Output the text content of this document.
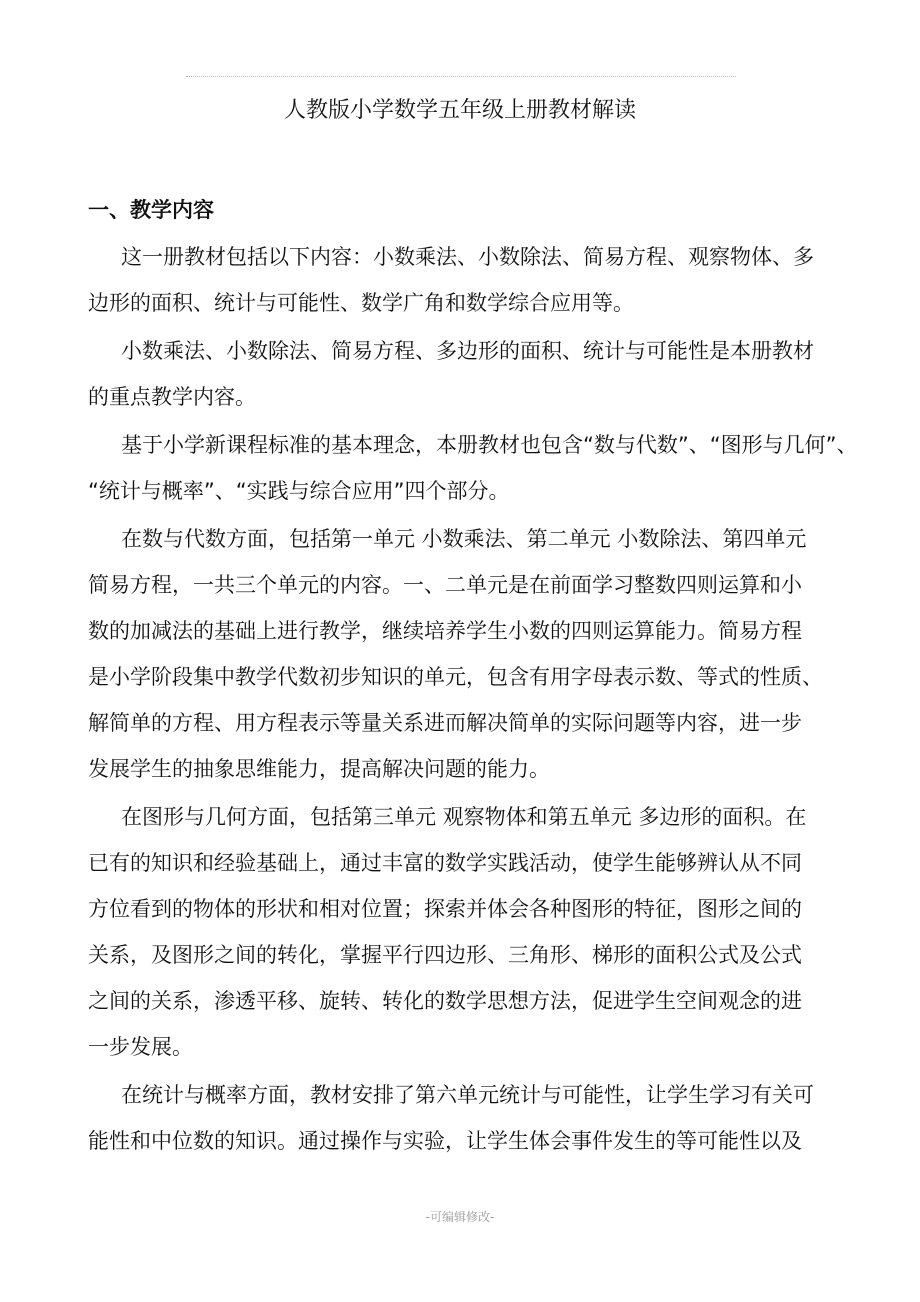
人教版小学数学五年级上册教材解读
一、教学内容
这一册教材包括以下内容：小数乘法、小数除法、简易方程、观察物体、多
边形的面积、统计与可能性、数学广角和数学综合应用等。
小数乘法、小数除法、简易方程、多边形的面积、统计与可能性是本册教材
的重点教学内容。
基于小学新课程标准的基本理念，本册教材也包含“数与代数”、“图形与几何”、
“统计与概率”、“实践与综合应用”四个部分。
在数与代数方面，包括第一单元 小数乘法、第二单元 小数除法、第四单元
简易方程，一共三个单元的内容。一、二单元是在前面学习整数四则运算和小
数的加减法的基础上进行教学，继续培养学生小数的四则运算能力。简易方程
是小学阶段集中教学代数初步知识的单元，包含有用字母表示数、等式的性质、
解简单的方程、用方程表示等量关系进而解决简单的实际问题等内容，进一步
发展学生的抽象思维能力，提高解决问题的能力。
在图形与几何方面，包括第三单元 观察物体和第五单元 多边形的面积。在
已有的知识和经验基础上，通过丰富的数学实践活动，使学生能够辨认从不同
方位看到的物体的形状和相对位置；探索并体会各种图形的特征，图形之间的
关系，及图形之间的转化，掌握平行四边形、三角形、梯形的面积公式及公式
之间的关系，渗透平移、旋转、转化的数学思想方法，促进学生空间观念的进
一步发展。
在统计与概率方面，教材安排了第六单元统计与可能性，让学生学习有关可
能性和中位数的知识。通过操作与实验，让学生体会事件发生的等可能性以及
-可编辑修改-
